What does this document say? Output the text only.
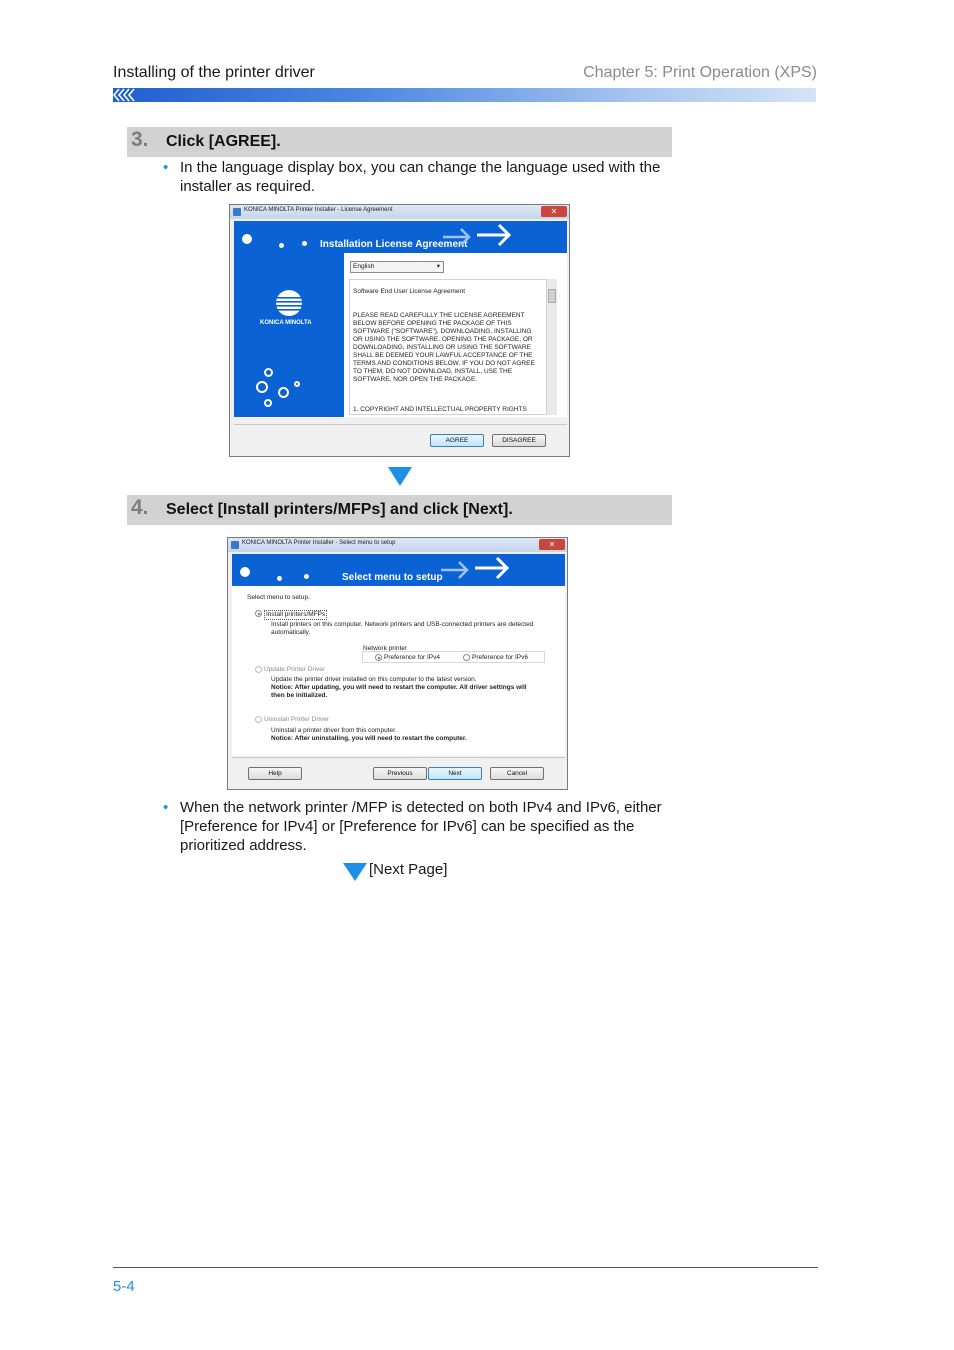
Installing of the printer driver	Chapter 5: Print Operation (XPS)
3. Click [AGREE].
• In the language display box, you can change the language used with the installer as required.
KONICA MINOLTA Printer Installer - License Agreement	✕
Installation License Agreement
KONICA MINOLTA
English	▾
Software End User License Agreement
PLEASE READ CAREFULLY THE LICENSE AGREEMENT BELOW BEFORE OPENING THE PACKAGE OF THIS SOFTWARE ("SOFTWARE"), DOWNLOADING, INSTALLING OR USING THE SOFTWARE. OPENING THE PACKAGE, OR DOWNLOADING, INSTALLING OR USING THE SOFTWARE SHALL BE DEEMED YOUR LAWFUL ACCEPTANCE OF THE TERMS AND CONDITIONS BELOW. IF YOU DO NOT AGREE TO THEM, DO NOT DOWNLOAD, INSTALL, USE THE SOFTWARE, NOR OPEN THE PACKAGE.
1. COPYRIGHT AND INTELLECTUAL PROPERTY RIGHTS
AGREE	DISAGREE
4. Select [Install printers/MFPs] and click [Next].
KONICA MINOLTA Printer Installer - Select menu to setup	✕
Select menu to setup
Select menu to setup.
Install printers/MFPs
Install printers on this computer. Network printers and USB-connected printers are detected automatically.
Network printer
Preference for IPv4	Preference for IPv6
Update Printer Driver
Update the printer driver installed on this computer to the latest version.
Notice: After updating, you will need to restart the computer. All driver settings will then be initialized.
Uninstall Printer Driver
Uninstall a printer driver from this computer.
Notice: After uninstalling, you will need to restart the computer.
Help	Previous	Next	Cancel
• When the network printer /MFP is detected on both IPv4 and IPv6, either [Preference for IPv4] or [Preference for IPv6] can be specified as the prioritized address.
[Next Page]
5-4
